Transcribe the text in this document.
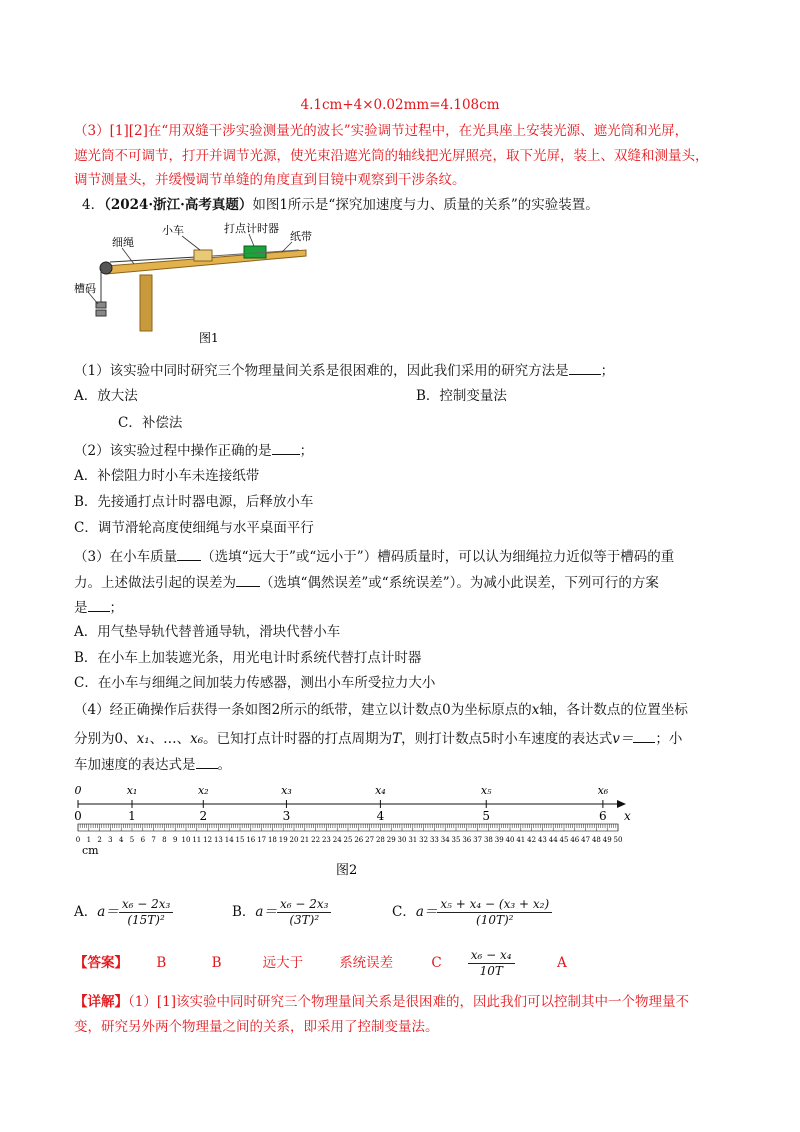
4.1cm+4×0.02mm=4.108cm
（3）[1][2]在“用双缝干涉实验测量光的波长”实验调节过程中，在光具座上安装光源、遮光筒和光屏，
遮光筒不可调节，打开并调节光源，使光束沿遮光筒的轴线把光屏照亮，取下光屏，装上、双缝和测量头，
调节测量头，并缓慢调节单缝的角度直到目镜中观察到干涉条纹。
4．（2024·浙江·高考真题）如图1所示是“探究加速度与力、质量的关系”的实验装置。
细绳
小车	打点计时器
纸带
槽码
图1
（1）该实验中同时研究三个物理量间关系是很困难的，因此我们采用的研究方法是 ；
A．放大法	B．控制变量法
C．补偿法
（2）该实验过程中操作正确的是 ；
A．补偿阻力时小车未连接纸带
B．先接通打点计时器电源，后释放小车
C．调节滑轮高度使细绳与水平桌面平行
（3）在小车质量 （选填“远大于”或“远小于”）槽码质量时，可以认为细绳拉力近似等于槽码的重
力。上述做法引起的误差为 （选填“偶然误差”或“系统误差”）。为减小此误差，下列可行的方案
是 ；
A．用气垫导轨代替普通导轨，滑块代替小车
B．在小车上加装遮光条，用光电计时系统代替打点计时器
C．在小车与细绳之间加装力传感器，测出小车所受拉力大小
（4）经正确操作后获得一条如图2所示的纸带，建立以计数点0为坐标原点的x轴，各计数点的位置坐标
分别为0、x₁、…、x₆。已知打点计时器的打点周期为T，则打计数点5时小车速度的表达式v＝ ；小
车加速度的表达式是 。
0	x₁	x₂	x₃	x₄	x₅	x₆
0	1	2	3	4	5	6 x
0 1 2 3 4 5 6 7 8 9 10 11 12 13 14 15 16 17 18 19 20 21 22 23 24 25 26 27 28 29 30 31 32 33 34 35 36 37 38 39 40 41 42 43 44 45 46 47 48 49 50
cm
图2
A．$a= \frac{\text{x₆ − 2x₃}}{\text{(15T)²}}$	B．$a= \frac{\text{x₆ − 2x₃}}{\text{(3T)²}}$	C．$a= \frac{\text{x₅ + x₄ − (x₃ + x₂)}}{\text{(10T)²}}$
【答案】 B	B	远大于	系统误差	C $\frac{\text{x₆ − x₄}}{10T}$	A
【详解】（1）[1]该实验中同时研究三个物理量间关系是很困难的，因此我们可以控制其中一个物理量不
变，研究另外两个物理量之间的关系，即采用了控制变量法。
